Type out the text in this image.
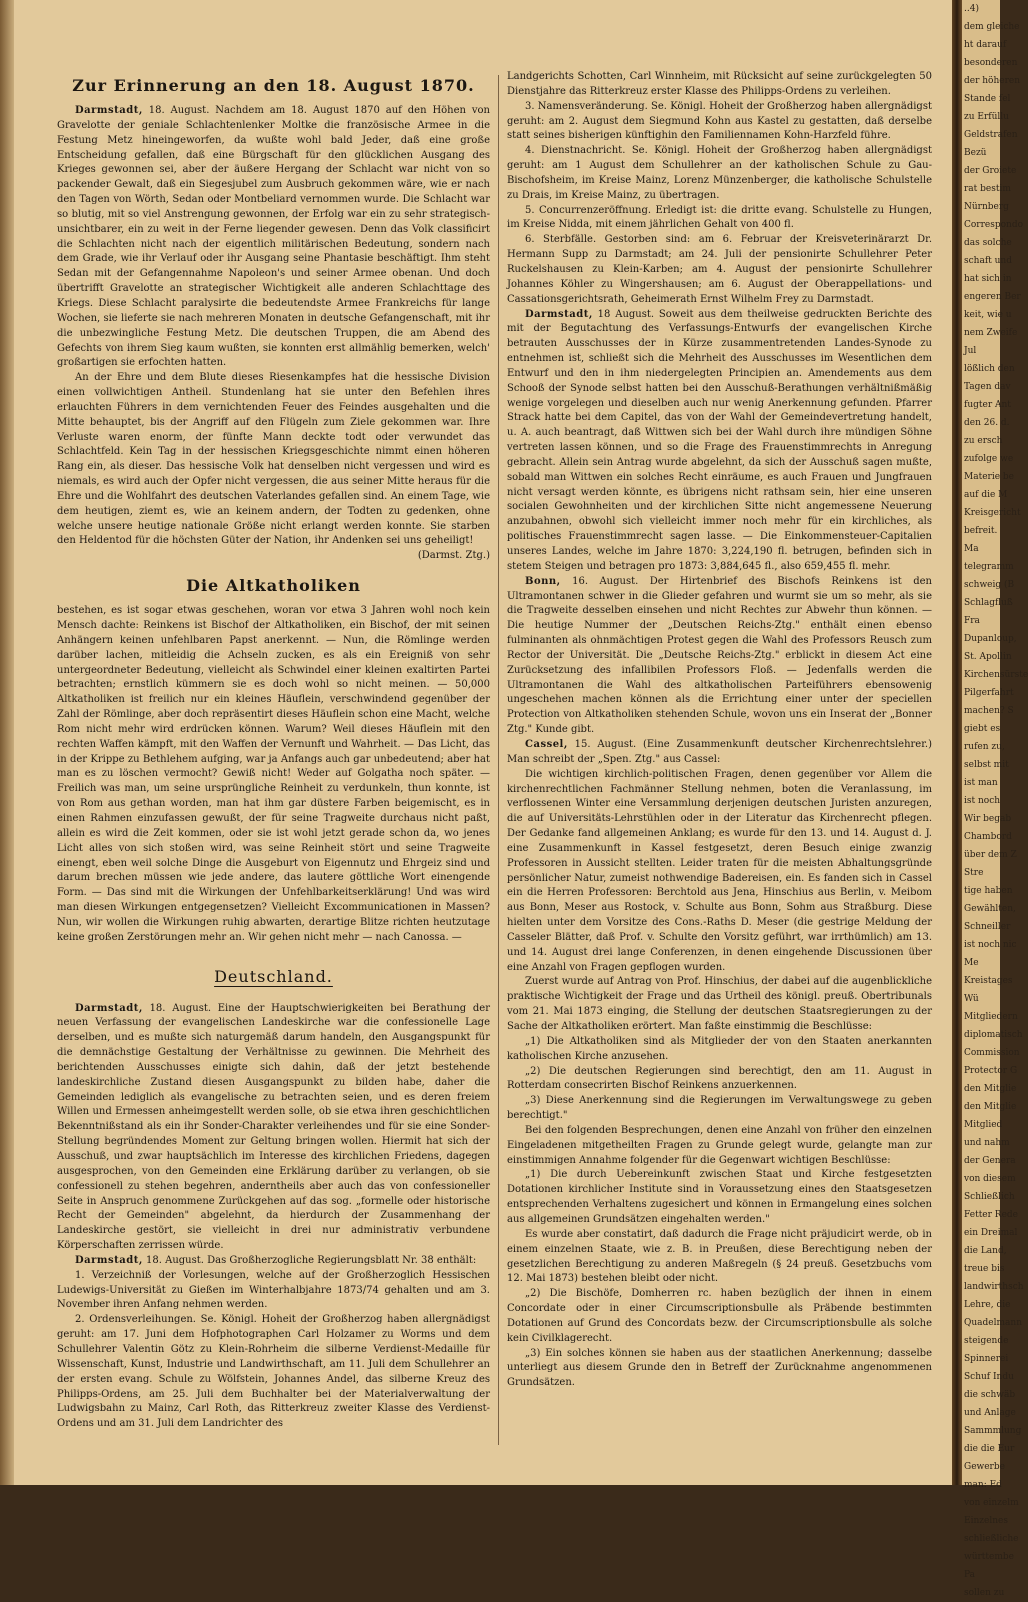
Zur Erinnerung an den 18. August 1870.

Darmstadt, 18. August. Nachdem am 18. August 1870 auf den Höhen von Gravelotte der geniale Schlachtenlenker Moltke die französische Armee in die Festung Metz hineingeworfen, da wußte wohl bald Jeder, daß eine große Entscheidung gefallen, daß eine Bürgschaft für den glücklichen Ausgang des Krieges gewonnen sei, aber der äußere Hergang der Schlacht war nicht von so packender Gewalt, daß ein Siegesjubel zum Ausbruch gekommen wäre, wie er nach den Tagen von Wörth, Sedan oder Montbeliard vernommen wurde. Die Schlacht war so blutig, mit so viel Anstrengung gewonnen, der Erfolg war ein zu sehr strategisch-unsichtbarer, ein zu weit in der Ferne liegender gewesen. Denn das Volk classificirt die Schlachten nicht nach der eigentlich militärischen Bedeutung, sondern nach dem Grade, wie ihr Verlauf oder ihr Ausgang seine Phantasie beschäftigt. Ihm steht Sedan mit der Gefangennahme Napoleon's und seiner Armee obenan. Und doch übertrifft Gravelotte an strategischer Wichtigkeit alle anderen Schlachttage des Kriegs. Diese Schlacht paralysirte die bedeutendste Armee Frankreichs für lange Wochen, sie lieferte sie nach mehreren Monaten in deutsche Gefangenschaft, mit ihr die unbezwingliche Festung Metz. Die deutschen Truppen, die am Abend des Gefechts von ihrem Sieg kaum wußten, sie konnten erst allmählig bemerken, welch' großartigen sie erfochten hatten.

An der Ehre und dem Blute dieses Riesenkampfes hat die hessische Division einen vollwichtigen Antheil. Stundenlang hat sie unter den Befehlen ihres erlauchten Führers in dem vernichtenden Feuer des Feindes ausgehalten und die Mitte behauptet, bis der Angriff auf den Flügeln zum Ziele gekommen war. Ihre Verluste waren enorm, der fünfte Mann deckte todt oder verwundet das Schlachtfeld. Kein Tag in der hessischen Kriegsgeschichte nimmt einen höheren Rang ein, als dieser. Das hessische Volk hat denselben nicht vergessen und wird es niemals, es wird auch der Opfer nicht vergessen, die aus seiner Mitte heraus für die Ehre und die Wohlfahrt des deutschen Vaterlandes gefallen sind. An einem Tage, wie dem heutigen, ziemt es, wie an keinem andern, der Todten zu gedenken, ohne welche unsere heutige nationale Größe nicht erlangt werden konnte. Sie starben den Heldentod für die höchsten Güter der Nation, ihr Andenken sei uns geheiligt!
(Darmst. Ztg.)

Die Altkatholiken

bestehen, es ist sogar etwas geschehen, woran vor etwa 3 Jahren wohl noch kein Mensch dachte: Reinkens ist Bischof der Altkatholiken, ein Bischof, der mit seinen Anhängern keinen unfehlbaren Papst anerkennt. — Nun, die Römlinge werden darüber lachen, mitleidig die Achseln zucken, es als ein Ereigniß von sehr untergeordneter Bedeutung, vielleicht als Schwindel einer kleinen exaltirten Partei betrachten; ernstlich kümmern sie es doch wohl so nicht meinen. — 50,000 Altkatholiken ist freilich nur ein kleines Häuflein, verschwindend gegenüber der Zahl der Römlinge, aber doch repräsentirt dieses Häuflein schon eine Macht, welche Rom nicht mehr wird erdrücken können. Warum? Weil dieses Häuflein mit den rechten Waffen kämpft, mit den Waffen der Vernunft und Wahrheit. — Das Licht, das in der Krippe zu Bethlehem aufging, war ja Anfangs auch gar unbedeutend; aber hat man es zu löschen vermocht? Gewiß nicht! Weder auf Golgatha noch später. — Freilich was man, um seine ursprüngliche Reinheit zu verdunkeln, thun konnte, ist von Rom aus gethan worden, man hat ihm gar düstere Farben beigemischt, es in einen Rahmen einzufassen gewußt, der für seine Tragweite durchaus nicht paßt, allein es wird die Zeit kommen, oder sie ist wohl jetzt gerade schon da, wo jenes Licht alles von sich stoßen wird, was seine Reinheit stört und seine Tragweite einengt, eben weil solche Dinge die Ausgeburt von Eigennutz und Ehrgeiz sind und darum brechen müssen wie jede andere, das lautere göttliche Wort einengende Form. — Das sind mit die Wirkungen der Unfehlbarkeitserklärung! Und was wird man diesen Wirkungen entgegensetzen? Vielleicht Excommunicationen in Massen? Nun, wir wollen die Wirkungen ruhig abwarten, derartige Blitze richten heutzutage keine großen Zerstörungen mehr an. Wir gehen nicht mehr — nach Canossa. —

Deutschland.

Darmstadt, 18. August. Eine der Hauptschwierigkeiten bei Berathung der neuen Verfassung der evangelischen Landeskirche war die confessionelle Lage derselben, und es mußte sich naturgemäß darum handeln, den Ausgangspunkt für die demnächstige Gestaltung der Verhältnisse zu gewinnen. Die Mehrheit des berichtenden Ausschusses einigte sich dahin, daß der jetzt bestehende landeskirchliche Zustand diesen Ausgangspunkt zu bilden habe, daher die Gemeinden lediglich als evangelische zu betrachten seien, und es deren freiem Willen und Ermessen anheimgestellt werden solle, ob sie etwa ihren geschichtlichen Bekenntnißstand als ein ihr Sonder-Charakter verleihendes und für sie eine Sonder-Stellung begründendes Moment zur Geltung bringen wollen. Hiermit hat sich der Ausschuß, und zwar hauptsächlich im Interesse des kirchlichen Friedens, dagegen ausgesprochen, von den Gemeinden eine Erklärung darüber zu verlangen, ob sie confessionell zu stehen begehren, anderntheils aber auch das von confessioneller Seite in Anspruch genommene Zurückgehen auf das sog. „formelle oder historische Recht der Gemeinden" abgelehnt, da hierdurch der Zusammenhang der Landeskirche gestört, sie vielleicht in drei nur administrativ verbundene Körperschaften zerrissen würde.

Darmstadt, 18. August. Das Großherzogliche Regierungsblatt Nr. 38 enthält:

1. Verzeichniß der Vorlesungen, welche auf der Großherzoglich Hessischen Ludewigs-Universität zu Gießen im Winterhalbjahre 1873/74 gehalten und am 3. November ihren Anfang nehmen werden.

2. Ordensverleihungen. Se. Königl. Hoheit der Großherzog haben allergnädigst geruht: am 17. Juni dem Hofphotographen Carl Holzamer zu Worms und dem Schullehrer Valentin Götz zu Klein-Rohrheim die silberne Verdienst-Medaille für Wissenschaft, Kunst, Industrie und Landwirthschaft, am 11. Juli dem Schullehrer an der ersten evang. Schule zu Wölfstein, Johannes Andel, das silberne Kreuz des Philipps-Ordens, am 25. Juli dem Buchhalter bei der Materialverwaltung der Ludwigsbahn zu Mainz, Carl Roth, das Ritterkreuz zweiter Klasse des Verdienst-Ordens und am 31. Juli dem Landrichter des

Landgerichts Schotten, Carl Winnheim, mit Rücksicht auf seine zurückgelegten 50 Dienstjahre das Ritterkreuz erster Klasse des Philipps-Ordens zu verleihen.

3. Namensveränderung. Se. Königl. Hoheit der Großherzog haben allergnädigst geruht: am 2. August dem Siegmund Kohn aus Kastel zu gestatten, daß derselbe statt seines bisherigen künftighin den Familiennamen Kohn-Harzfeld führe.

4. Dienstnachricht. Se. Königl. Hoheit der Großherzog haben allergnädigst geruht: am 1 August dem Schullehrer an der katholischen Schule zu Gau-Bischofsheim, im Kreise Mainz, Lorenz Münzenberger, die katholische Schulstelle zu Drais, im Kreise Mainz, zu übertragen.

5. Concurrenzeröffnung. Erledigt ist: die dritte evang. Schulstelle zu Hungen, im Kreise Nidda, mit einem jährlichen Gehalt von 400 fl.

6. Sterbfälle. Gestorben sind: am 6. Februar der Kreisveterinärarzt Dr. Hermann Supp zu Darmstadt; am 24. Juli der pensionirte Schullehrer Peter Ruckelshausen zu Klein-Karben; am 4. August der pensionirte Schullehrer Johannes Köhler zu Wingershausen; am 6. August der Oberappellations- und Cassationsgerichtsrath, Geheimerath Ernst Wilhelm Frey zu Darmstadt.

Darmstadt, 18 August. Soweit aus dem theilweise gedruckten Berichte des mit der Begutachtung des Verfassungs-Entwurfs der evangelischen Kirche betrauten Ausschusses der in Kürze zusammentretenden Landes-Synode zu entnehmen ist, schließt sich die Mehrheit des Ausschusses im Wesentlichen dem Entwurf und den in ihm niedergelegten Principien an. Amendements aus dem Schooß der Synode selbst hatten bei den Ausschuß-Berathungen verhältnißmäßig wenige vorgelegen und dieselben auch nur wenig Anerkennung gefunden. Pfarrer Strack hatte bei dem Capitel, das von der Wahl der Gemeindevertretung handelt, u. A. auch beantragt, daß Wittwen sich bei der Wahl durch ihre mündigen Söhne vertreten lassen können, und so die Frage des Frauenstimmrechts in Anregung gebracht. Allein sein Antrag wurde abgelehnt, da sich der Ausschuß sagen mußte, sobald man Wittwen ein solches Recht einräume, es auch Frauen und Jungfrauen nicht versagt werden könnte, es übrigens nicht rathsam sein, hier eine unseren socialen Gewohnheiten und der kirchlichen Sitte nicht angemessene Neuerung anzubahnen, obwohl sich vielleicht immer noch mehr für ein kirchliches, als politisches Frauenstimmrecht sagen lasse. — Die Einkommensteuer-Capitalien unseres Landes, welche im Jahre 1870: 3,224,190 fl. betrugen, befinden sich in stetem Steigen und betragen pro 1873: 3,884,645 fl., also 659,455 fl. mehr.

Bonn, 16. August. Der Hirtenbrief des Bischofs Reinkens ist den Ultramontanen schwer in die Glieder gefahren und wurmt sie um so mehr, als sie die Tragweite desselben einsehen und nicht Rechtes zur Abwehr thun können. — Die heutige Nummer der „Deutschen Reichs-Ztg." enthält einen ebenso fulminanten als ohnmächtigen Protest gegen die Wahl des Professors Reusch zum Rector der Universität. Die „Deutsche Reichs-Ztg." erblickt in diesem Act eine Zurücksetzung des infallibilen Professors Floß. — Jedenfalls werden die Ultramontanen die Wahl des altkatholischen Parteiführers ebensowenig ungeschehen machen können als die Errichtung einer unter der speciellen Protection von Altkatholiken stehenden Schule, wovon uns ein Inserat der „Bonner Ztg." Kunde gibt.

Cassel, 15. August. (Eine Zusammenkunft deutscher Kirchenrechtslehrer.) Man schreibt der „Spen. Ztg." aus Cassel:

Die wichtigen kirchlich-politischen Fragen, denen gegenüber vor Allem die kirchenrechtlichen Fachmänner Stellung nehmen, boten die Veranlassung, im verflossenen Winter eine Versammlung derjenigen deutschen Juristen anzuregen, die auf Universitäts-Lehrstühlen oder in der Literatur das Kirchenrecht pflegen. Der Gedanke fand allgemeinen Anklang; es wurde für den 13. und 14. August d. J. eine Zusammenkunft in Kassel festgesetzt, deren Besuch einige zwanzig Professoren in Aussicht stellten. Leider traten für die meisten Abhaltungsgründe persönlicher Natur, zumeist nothwendige Badereisen, ein. Es fanden sich in Cassel ein die Herren Professoren: Berchtold aus Jena, Hinschius aus Berlin, v. Meibom aus Bonn, Meser aus Rostock, v. Schulte aus Bonn, Sohm aus Straßburg. Diese hielten unter dem Vorsitze des Cons.-Raths D. Meser (die gestrige Meldung der Casseler Blätter, daß Prof. v. Schulte den Vorsitz geführt, war irrthümlich) am 13. und 14. August drei lange Conferenzen, in denen eingehende Discussionen über eine Anzahl von Fragen gepflogen wurden.

Zuerst wurde auf Antrag von Prof. Hinschius, der dabei auf die augenblickliche praktische Wichtigkeit der Frage und das Urtheil des königl. preuß. Obertribunals vom 21. Mai 1873 einging, die Stellung der deutschen Staatsregierungen zu der Sache der Altkatholiken erörtert. Man faßte einstimmig die Beschlüsse:

„1) Die Altkatholiken sind als Mitglieder der von den Staaten anerkannten katholischen Kirche anzusehen.

„2) Die deutschen Regierungen sind berechtigt, den am 11. August in Rotterdam consecrirten Bischof Reinkens anzuerkennen.

„3) Diese Anerkennung sind die Regierungen im Verwaltungswege zu geben berechtigt."

Bei den folgenden Besprechungen, denen eine Anzahl von früher den einzelnen Eingeladenen mitgetheilten Fragen zu Grunde gelegt wurde, gelangte man zur einstimmigen Annahme folgender für die Gegenwart wichtigen Beschlüsse:

„1) Die durch Uebereinkunft zwischen Staat und Kirche festgesetzten Dotationen kirchlicher Institute sind in Voraussetzung eines den Staatsgesetzen entsprechenden Verhaltens zugesichert und können in Ermangelung eines solchen aus allgemeinen Grundsätzen eingehalten werden."

Es wurde aber constatirt, daß dadurch die Frage nicht präjudicirt werde, ob in einem einzelnen Staate, wie z. B. in Preußen, diese Berechtigung neben der gesetzlichen Berechtigung zu anderen Maßregeln (§ 24 preuß. Gesetzbuchs vom 12. Mai 1873) bestehen bleibt oder nicht.

„2) Die Bischöfe, Domherren rc. haben bezüglich der ihnen in einem Concordate oder in einer Circumscriptionsbulle als Präbende bestimmten Dotationen auf Grund des Concordats bezw. der Circumscriptionsbulle als solche kein Civilklagerecht.

„3) Ein solches können sie haben aus der staatlichen Anerkennung; dasselbe unterliegt aus diesem Grunde den in Betreff der Zurücknahme angenommenen Grundsätzen.

..4)
dem gleiche
ht darauf
besonderen
der höheren
Stande fel
zu Erfüllu
Geldstrafen
Bezü
der Groiete
rat bestim
Nürnberg
Correspondo
das solche
schaft und
hat sich in
engeren Ber
keit, wie u
nem Zweife
Jul
lößlich den
Tagen dav
fugter Ant
den 26. d.
zu ersch
zufolge we
Materie be
auf die M
Kreisgericht
befreit.
Ma
telegramm
schweig (B
Schlagfluß
Fra
Dupanloup,
St. Apollin
Kirchensürste
Pilgerfahrt
machen? S
giebt es
rufen zu,
selbst mit
ist man
ist noch
Wir begab
Chambord
über dem Z
Stre
tige haben
Gewählten,
Schneiller
ist noch nic
Me
Kreistages
Wü
Mitgliedern
diplomatisch
Commission
Protector G
den Mitglie
den Mitglie
Mitglied
und nahm
der Genera
von diesem
Schließlich
Fetter Rede
ein Dreimal
die Land,
treue bis
landwirthsch
Lehre, die
Quadelmann
steigende
Spinnerei
Schuf Indu
die schwäb
und Anlage
Sammmlung
die die Eur
Gewerbe
man: Ed
von einzelm
Einzelnes
schließliche
württembe
Pa
sollen zu
